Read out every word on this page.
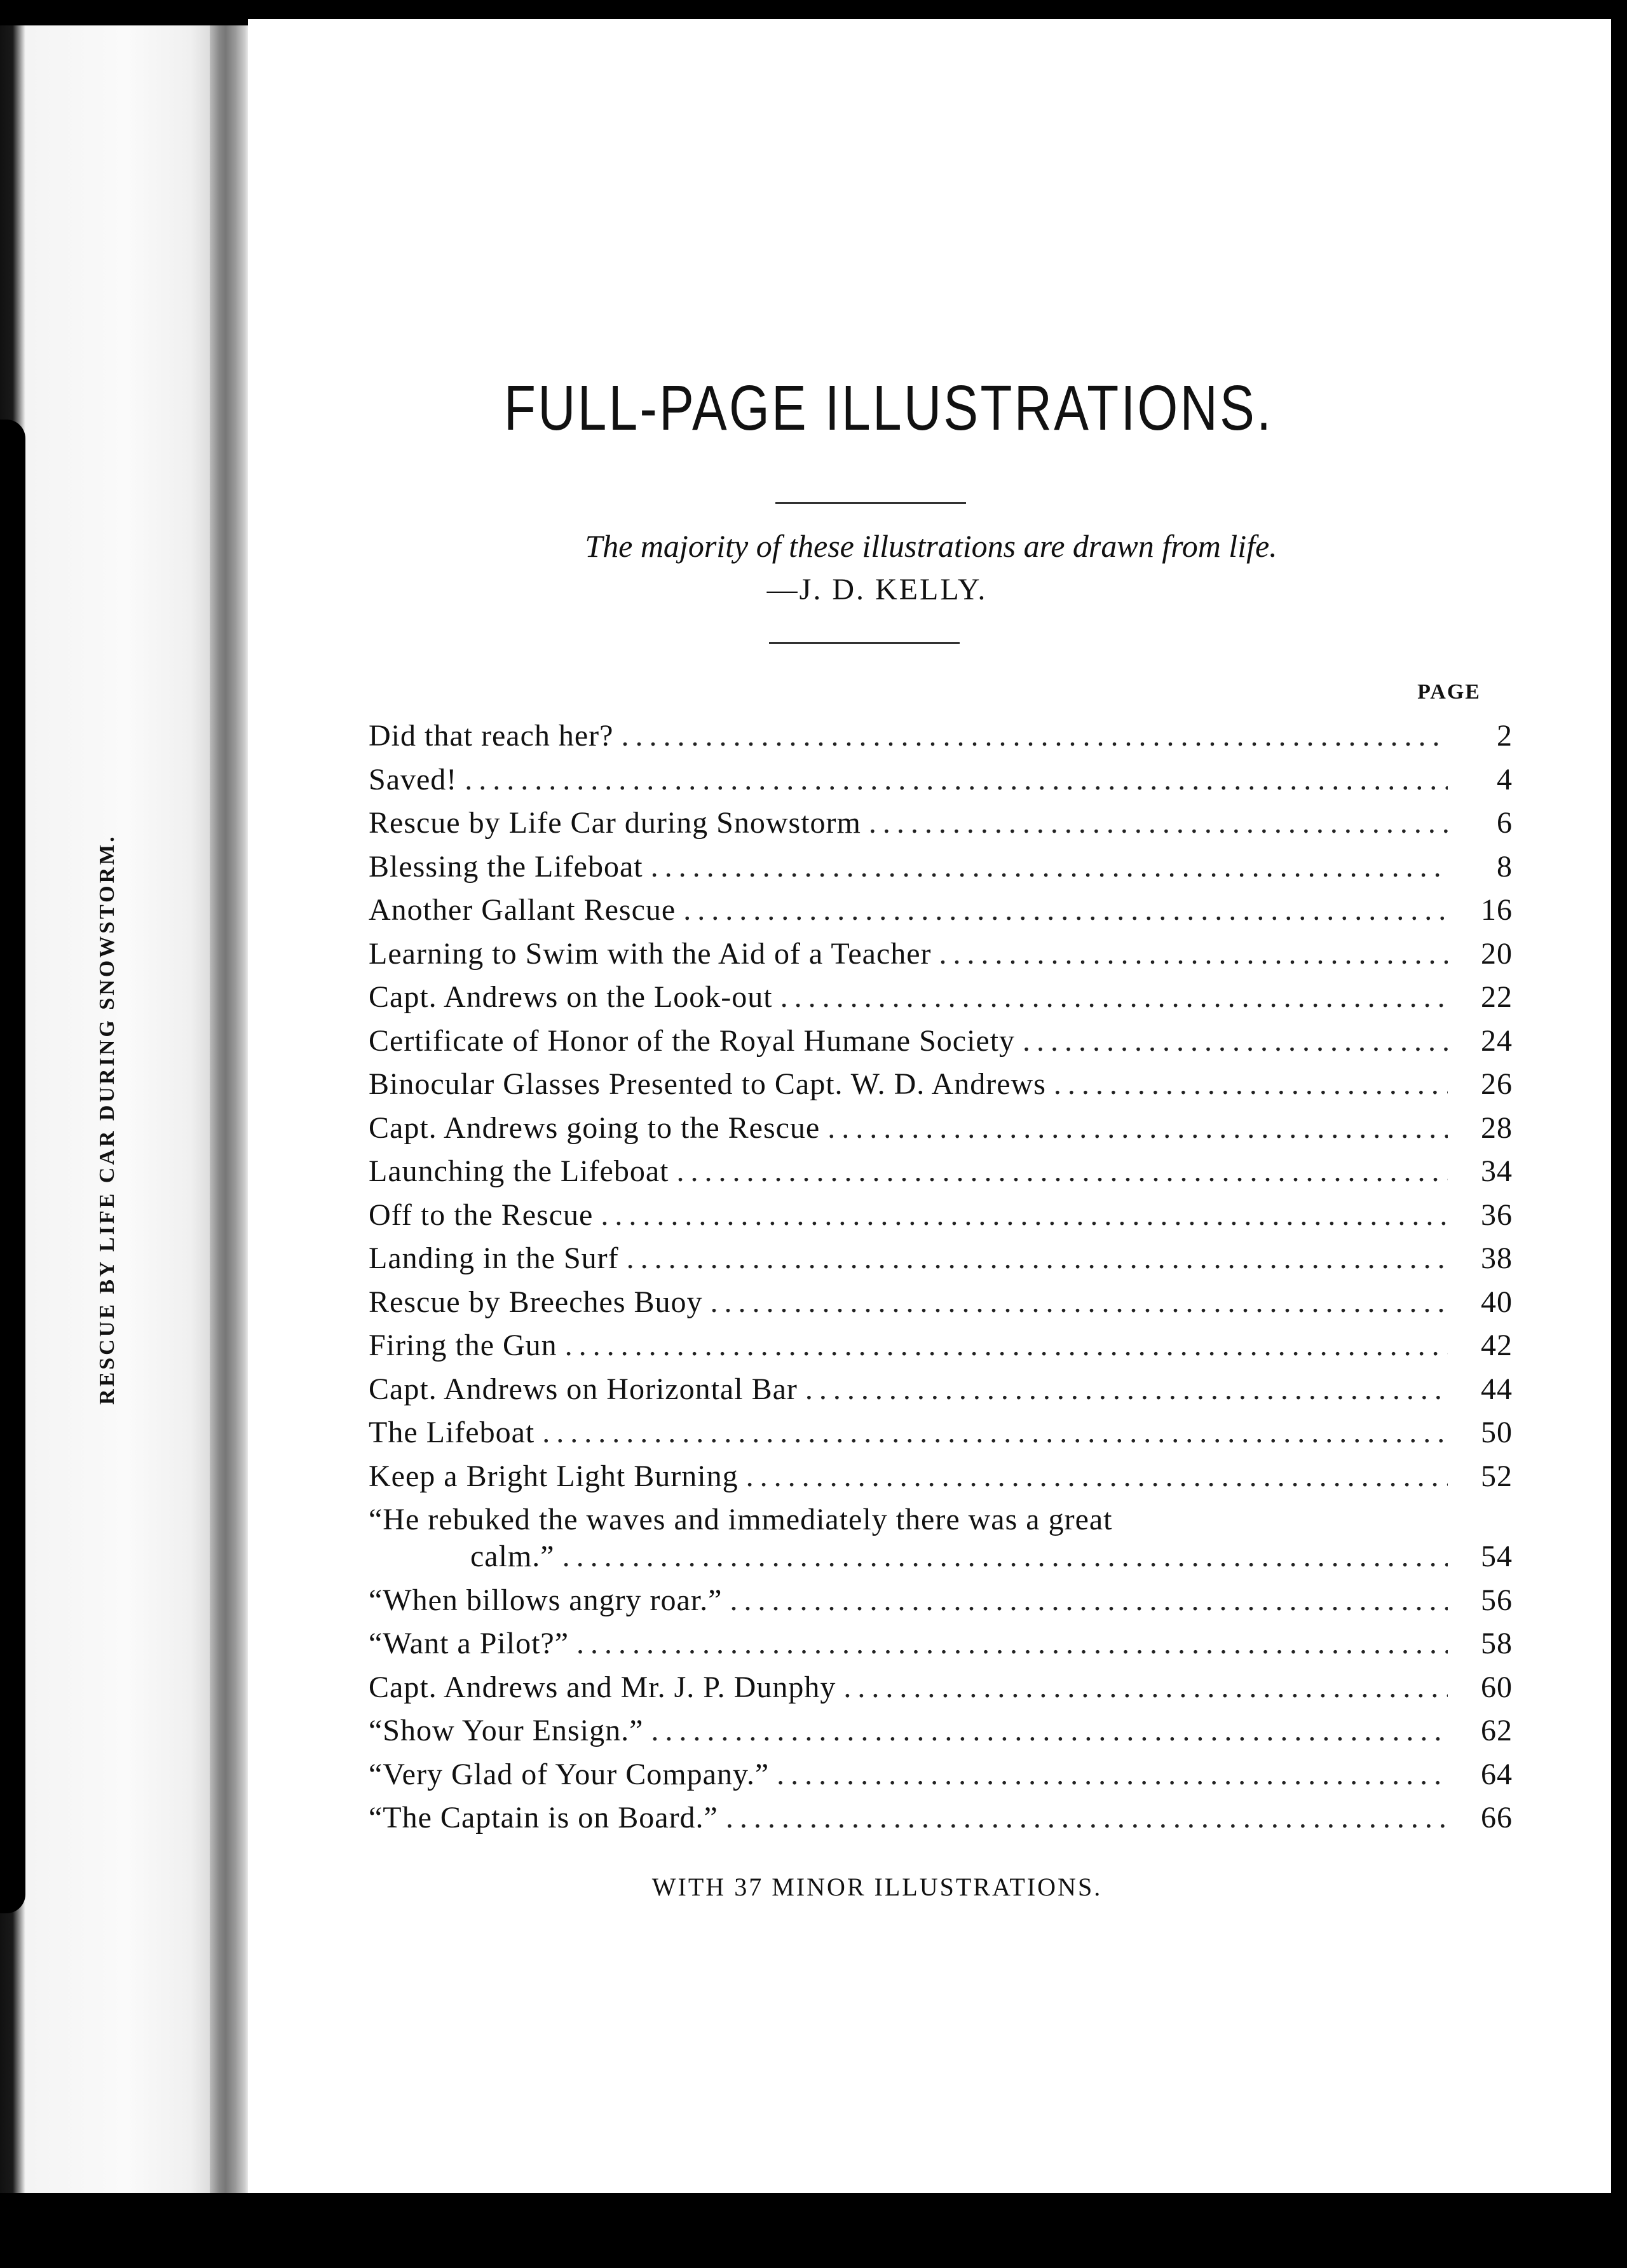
RESCUE BY LIFE CAR DURING SNOWSTORM.
FULL-PAGE ILLUSTRATIONS.
The majority of these illustrations are drawn from life.
—J. D. KELLY.
PAGE
Did that reach her? .....	2
Saved! .....	4
Rescue by Life Car during Snowstorm .....	6
Blessing the Lifeboat .....	8
Another Gallant Rescue .....	16
Learning to Swim with the Aid of a Teacher .....	20
Capt. Andrews on the Look-out .....	22
Certificate of Honor of the Royal Humane Society .....	24
Binocular Glasses Presented to Capt. W. D. Andrews .....	26
Capt. Andrews going to the Rescue .....	28
Launching the Lifeboat .....	34
Off to the Rescue .....	36
Landing in the Surf .....	38
Rescue by Breeches Buoy .....	40
Firing the Gun .....	42
Capt. Andrews on Horizontal Bar .....	44
The Lifeboat .....	50
Keep a Bright Light Burning .....	52
“He rebuked the waves and immediately there was a great
calm.” .....	54
“When billows angry roar.” .....	56
“Want a Pilot?” .....	58
Capt. Andrews and Mr. J. P. Dunphy .....	60
“Show Your Ensign.” .....	62
“Very Glad of Your Company.” .....	64
“The Captain is on Board.” .....	66
WITH 37 MINOR ILLUSTRATIONS.
